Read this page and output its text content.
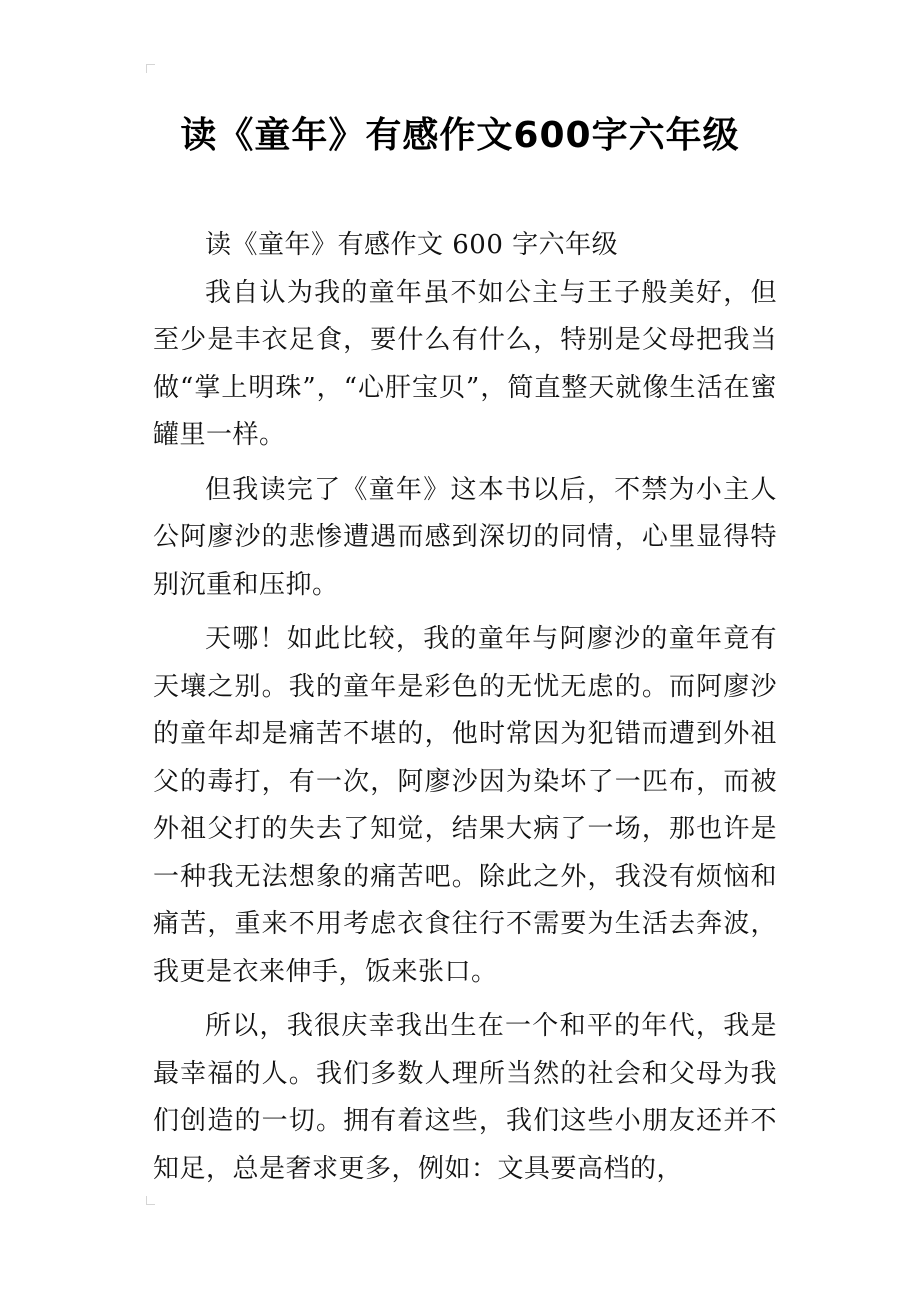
读《童年》有感作文600字六年级

读《童年》有感作文 600 字六年级

我自认为我的童年虽不如公主与王子般美好，但至少是丰衣足食，要什么有什么，特别是父母把我当做“掌上明珠”，“心肝宝贝”，简直整天就像生活在蜜罐里一样。

但我读完了《童年》这本书以后，不禁为小主人公阿廖沙的悲惨遭遇而感到深切的同情，心里显得特别沉重和压抑。

天哪！如此比较，我的童年与阿廖沙的童年竟有天壤之别。我的童年是彩色的无忧无虑的。而阿廖沙的童年却是痛苦不堪的，他时常因为犯错而遭到外祖父的毒打，有一次，阿廖沙因为染坏了一匹布，而被外祖父打的失去了知觉，结果大病了一场，那也许是一种我无法想象的痛苦吧。除此之外，我没有烦恼和痛苦，重来不用考虑衣食往行不需要为生活去奔波，我更是衣来伸手，饭来张口。

所以，我很庆幸我出生在一个和平的年代，我是最幸福的人。我们多数人理所当然的社会和父母为我们创造的一切。拥有着这些，我们这些小朋友还并不知足，总是奢求更多，例如：文具要高档的，
